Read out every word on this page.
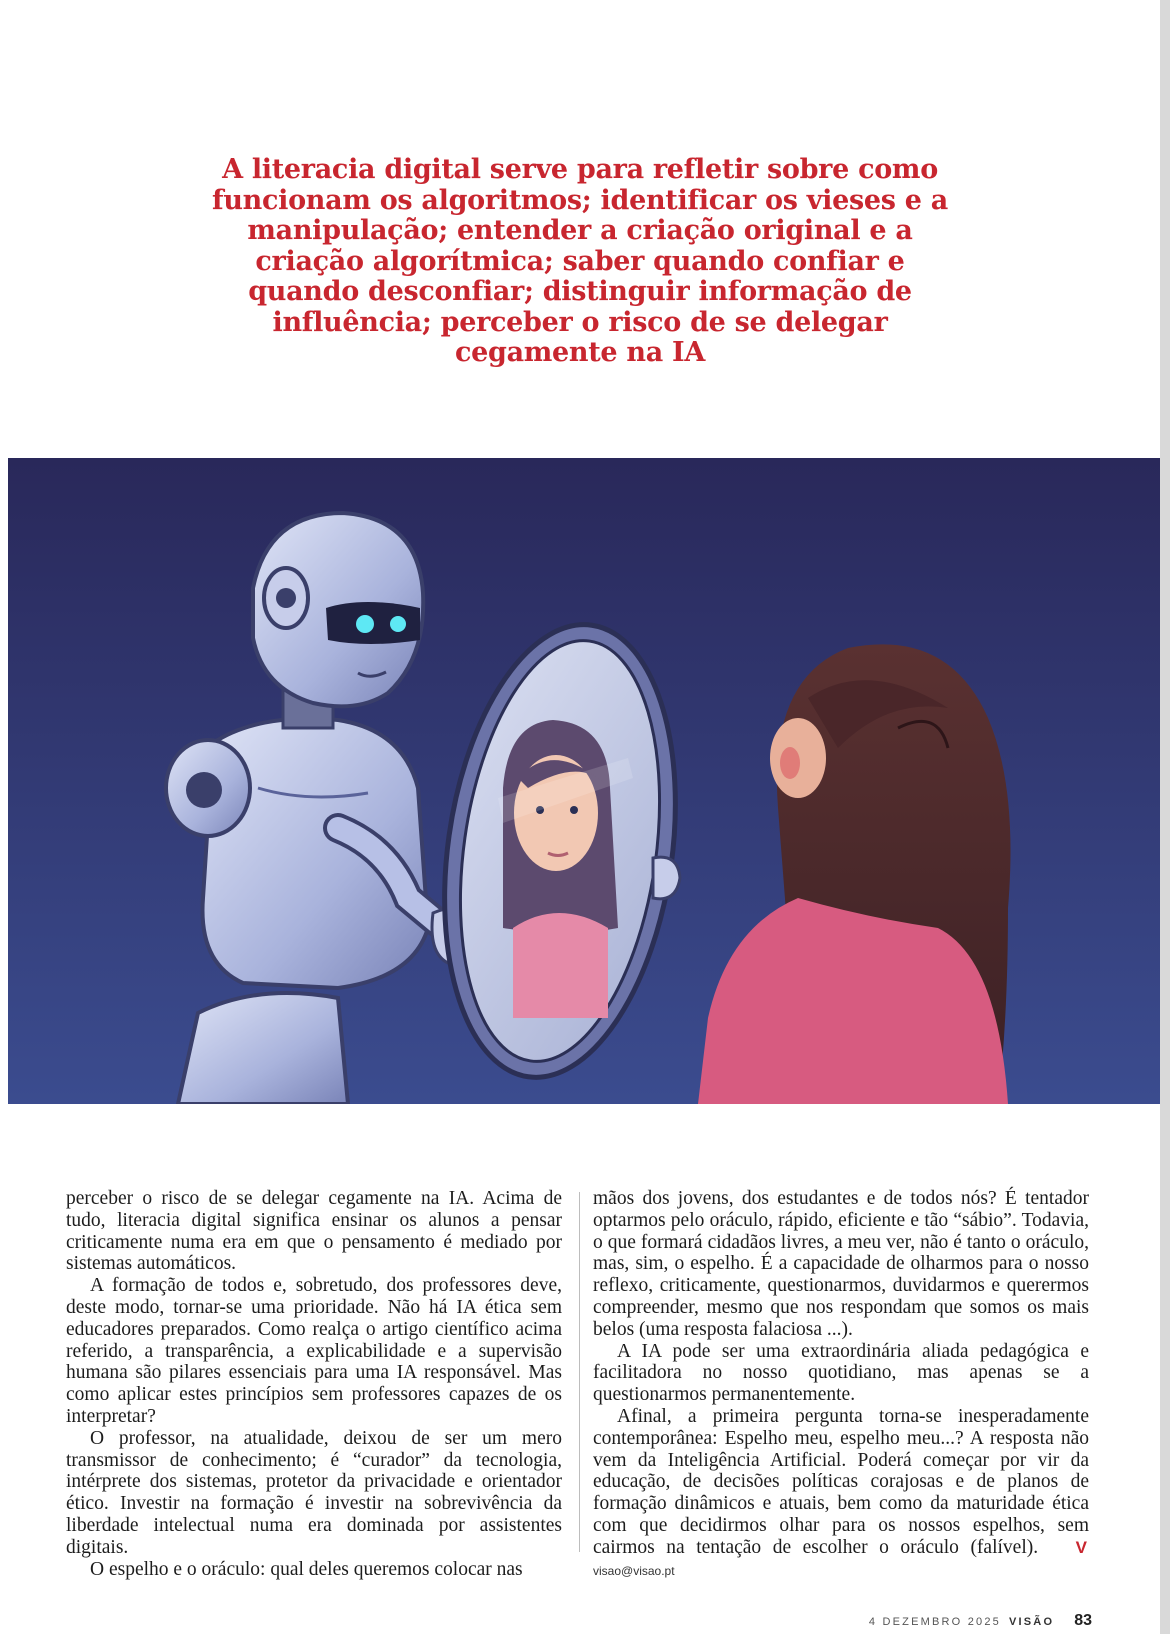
A literacia digital serve para refletir sobre como funcionam os algoritmos; identificar os vieses e a manipulação; entender a criação original e a criação algorítmica; saber quando confiar e quando desconfiar; distinguir informação de influência; perceber o risco de se delegar cegamente na IA

perceber o risco de se delegar cegamente na IA. Acima de tudo, literacia digital significa ensinar os alunos a pensar criticamente numa era em que o pensamento é mediado por sistemas automáticos.

A formação de todos e, sobretudo, dos professores deve, deste modo, tornar-se uma prioridade. Não há IA ética sem educadores preparados. Como realça o artigo científico acima referido, a transparência, a explicabilidade e a supervisão humana são pilares essenciais para uma IA responsável. Mas como aplicar estes princípios sem professores capazes de os interpretar?

O professor, na atualidade, deixou de ser um mero transmissor de conhecimento; é “curador” da tecnologia, intérprete dos sistemas, protetor da privacidade e orientador ético. Investir na formação é investir na sobrevivência da liberdade intelectual numa era dominada por assistentes digitais.

O espelho e o oráculo: qual deles queremos colocar nas

mãos dos jovens, dos estudantes e de todos nós? É tentador optarmos pelo oráculo, rápido, eficiente e tão “sábio”. Todavia, o que formará cidadãos livres, a meu ver, não é tanto o oráculo, mas, sim, o espelho. É a capacidade de olharmos para o nosso reflexo, criticamente, questionarmos, duvidarmos e querermos compreender, mesmo que nos respondam que somos os mais belos (uma resposta falaciosa ...).

A IA pode ser uma extraordinária aliada pedagógica e facilitadora no nosso quotidiano, mas apenas se a questionarmos permanentemente.

Afinal, a primeira pergunta torna-se inesperadamente contemporânea: Espelho meu, espelho meu...? A resposta não vem da Inteligência Artificial. Poderá começar por vir da educação, de decisões políticas corajosas e de planos de formação dinâmicos e atuais, bem como da maturidade ética com que decidirmos olhar para os nossos espelhos, sem cairmos na tentação de escolher o oráculo (falível). Vvisao@visao.pt

4 DEZEMBRO 2025 VISÃO 83
